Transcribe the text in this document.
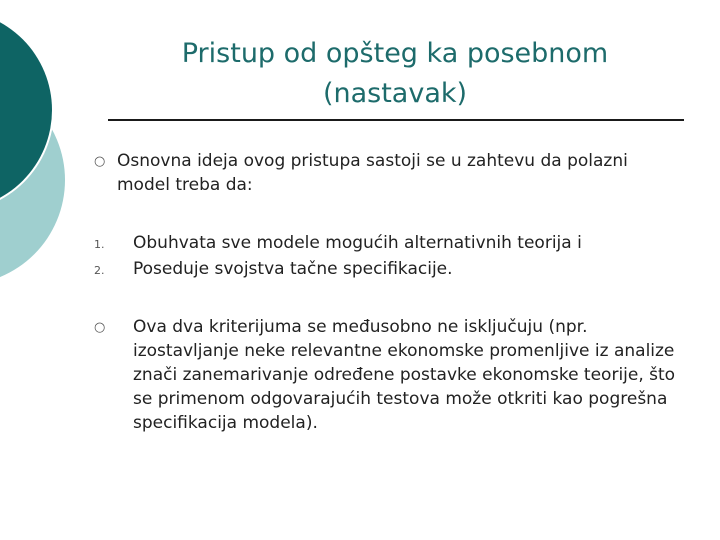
Pristup od opšteg ka posebnom
(nastavak)
○ Osnovna ideja ovog pristupa sastoji se u zahtevu da polazni model treba da:
1. Obuhvata sve modele mogućih alternativnih teorija i
2. Poseduje svojstva tačne specifikacije.
○ Ova dva kriterijuma se međusobno ne isključuju (npr. izostavljanje neke relevantne ekonomske promenljive iz analize znači zanemarivanje određene postavke ekonomske teorije, što se primenom odgovarajućih testova može otkriti kao pogrešna specifikacija modela).
